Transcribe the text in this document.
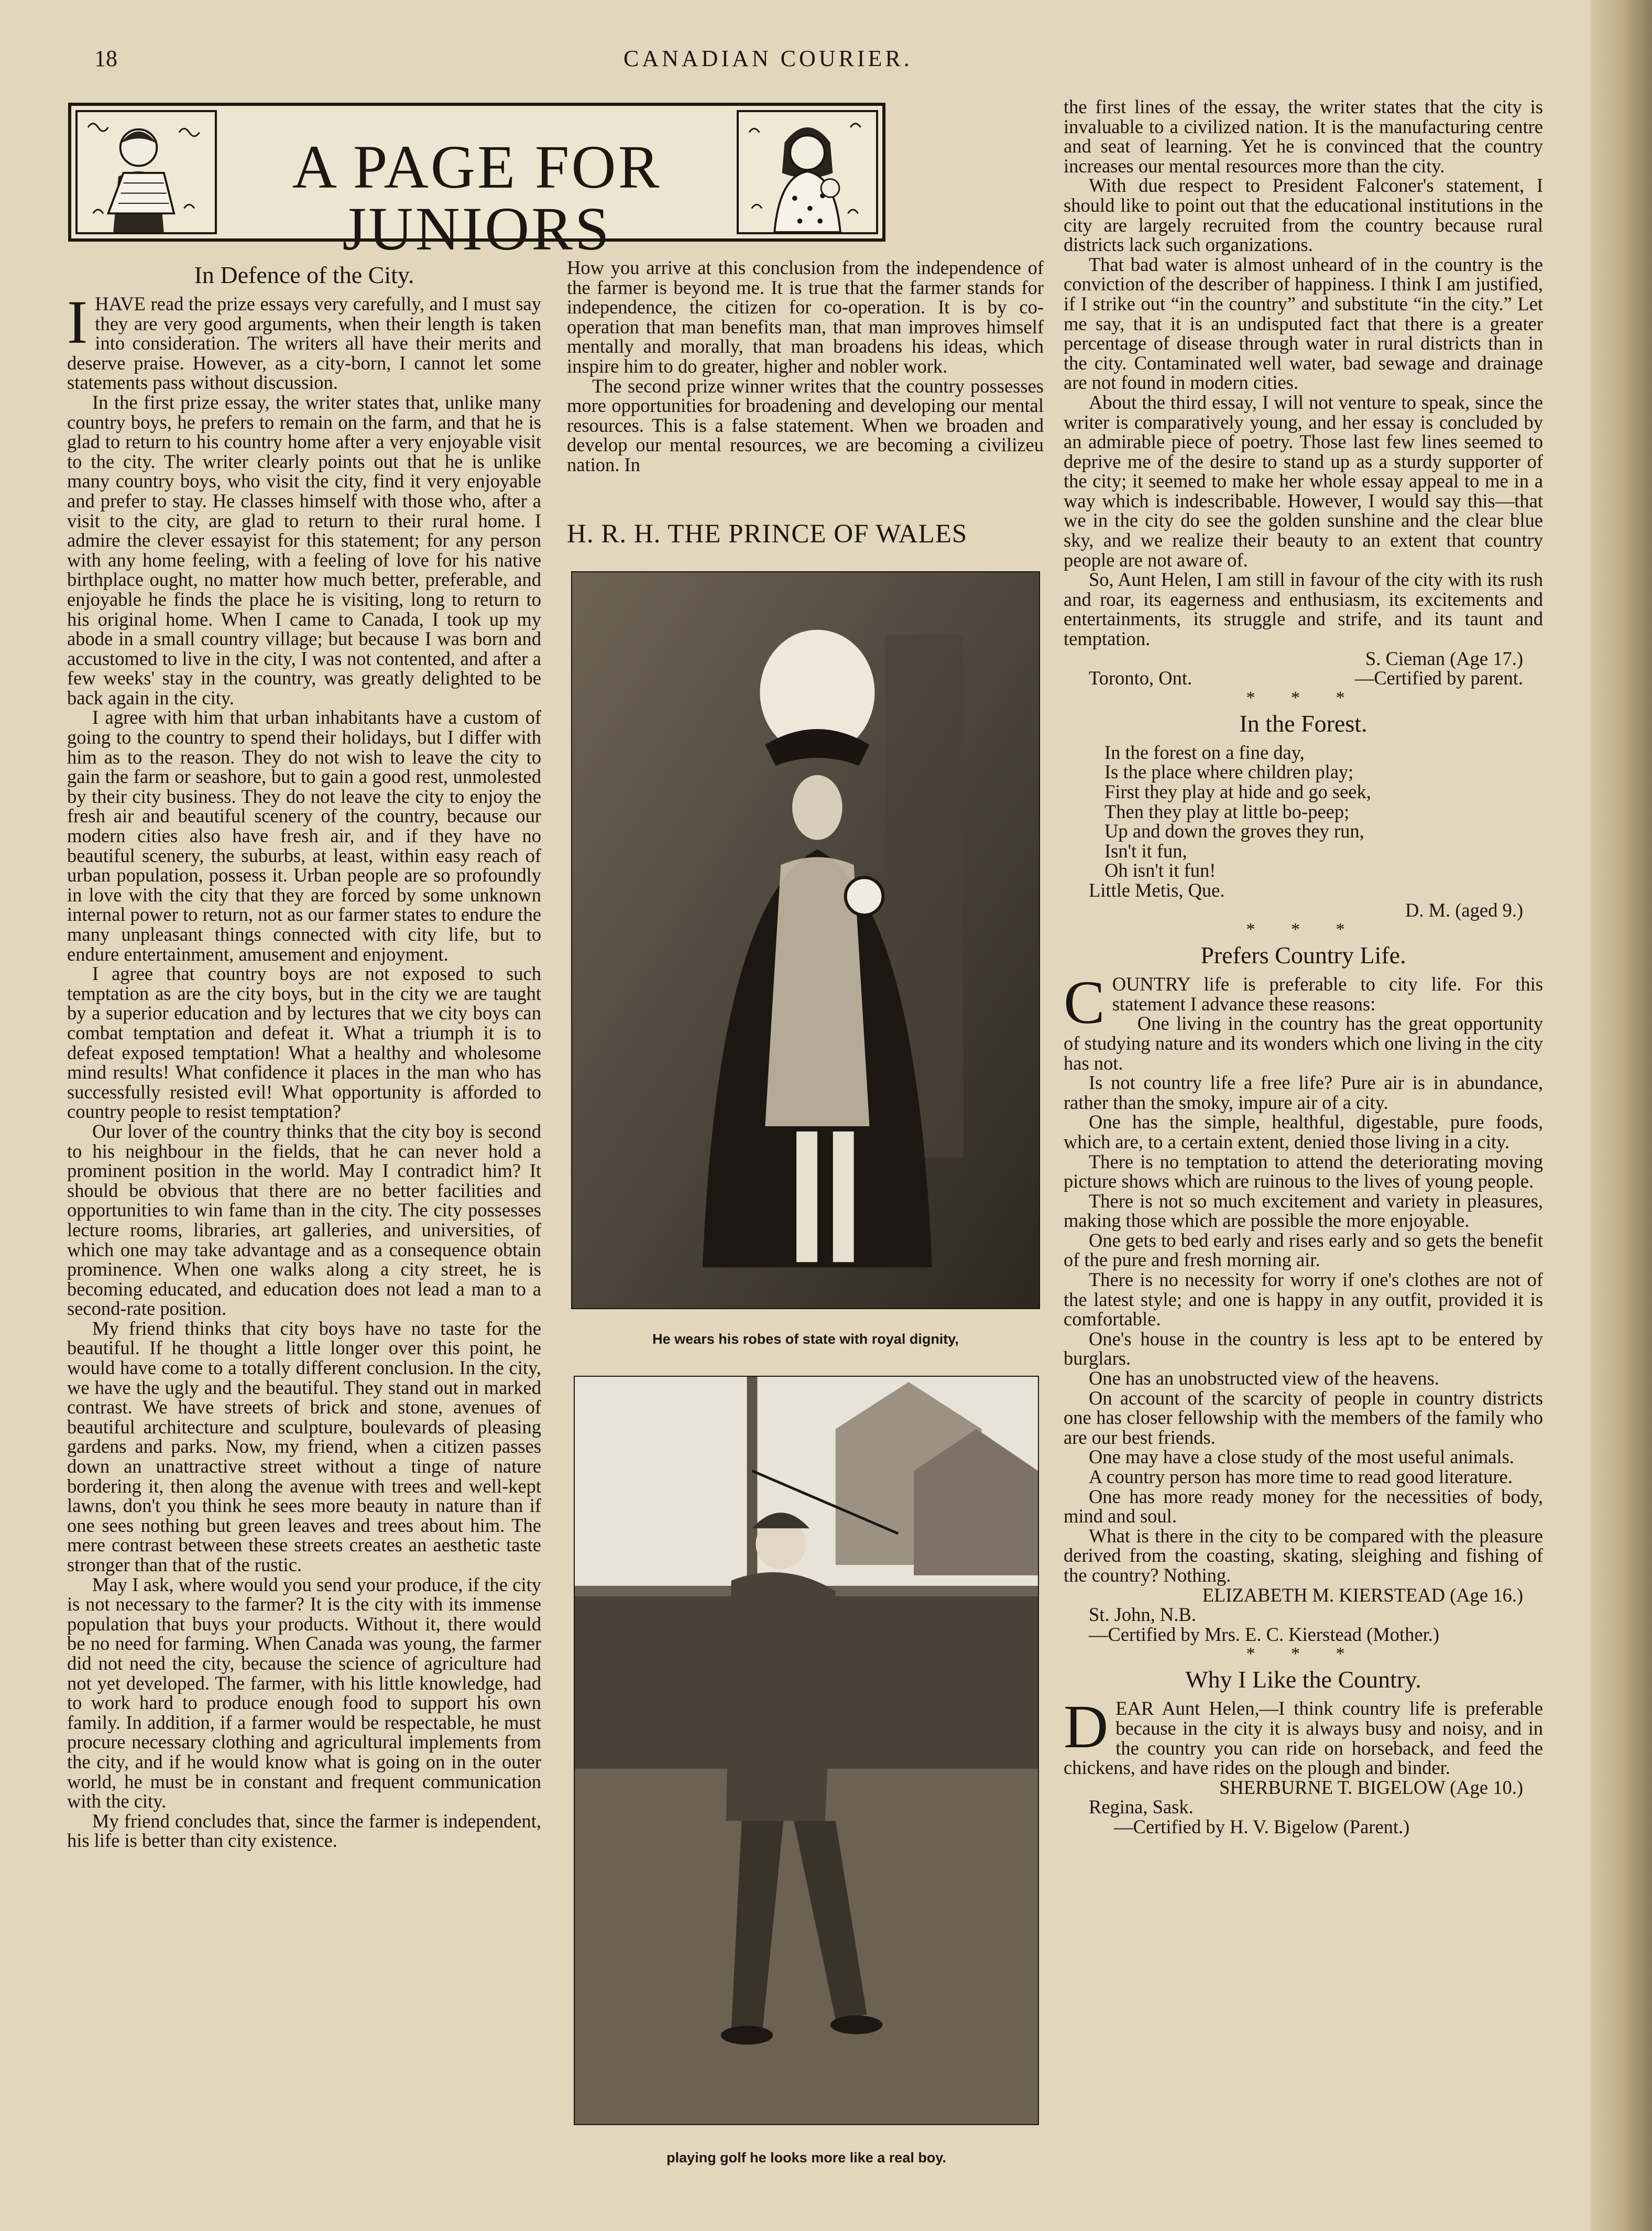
18	CANADIAN COURIER.
A PAGE FOR JUNIORS
In Defence of the City.

IHAVE read the prize essays very carefully, and I must say they are very good arguments, when their length is taken into consideration. The writers all have their merits and deserve praise. However, as a city-born, I cannot let some statements pass without discussion.

In the first prize essay, the writer states that, unlike many country boys, he prefers to remain on the farm, and that he is glad to return to his country home after a very enjoyable visit to the city. The writer clearly points out that he is unlike many country boys, who visit the city, find it very enjoyable and prefer to stay. He classes himself with those who, after a visit to the city, are glad to return to their rural home. I admire the clever essayist for this statement; for any person with any home feeling, with a feeling of love for his native birthplace ought, no matter how much better, preferable, and enjoyable he finds the place he is visiting, long to return to his original home. When I came to Canada, I took up my abode in a small country village; but because I was born and accustomed to live in the city, I was not contented, and after a few weeks' stay in the country, was greatly delighted to be back again in the city.

I agree with him that urban inhabitants have a custom of going to the country to spend their holidays, but I differ with him as to the reason. They do not wish to leave the city to gain the farm or seashore, but to gain a good rest, unmolested by their city business. They do not leave the city to enjoy the fresh air and beautiful scenery of the country, because our modern cities also have fresh air, and if they have no beautiful scenery, the suburbs, at least, within easy reach of urban population, possess it. Urban people are so profoundly in love with the city that they are forced by some unknown internal power to return, not as our farmer states to endure the many unpleasant things connected with city life, but to endure entertainment, amusement and enjoyment.

I agree that country boys are not exposed to such temptation as are the city boys, but in the city we are taught by a superior education and by lectures that we city boys can combat temptation and defeat it. What a triumph it is to defeat exposed temptation! What a healthy and wholesome mind results! What confidence it places in the man who has successfully resisted evil! What opportunity is afforded to country people to resist temptation?

Our lover of the country thinks that the city boy is second to his neighbour in the fields, that he can never hold a prominent position in the world. May I contradict him? It should be obvious that there are no better facilities and opportunities to win fame than in the city. The city possesses lecture rooms, libraries, art galleries, and universities, of which one may take advantage and as a consequence obtain prominence. When one walks along a city street, he is becoming educated, and education does not lead a man to a second-rate position.

My friend thinks that city boys have no taste for the beautiful. If he thought a little longer over this point, he would have come to a totally different conclusion. In the city, we have the ugly and the beautiful. They stand out in marked contrast. We have streets of brick and stone, avenues of beautiful architecture and sculpture, boulevards of pleasing gardens and parks. Now, my friend, when a citizen passes down an unattractive street without a tinge of nature bordering it, then along the avenue with trees and well-kept lawns, don't you think he sees more beauty in nature than if one sees nothing but green leaves and trees about him. The mere contrast between these streets creates an aesthetic taste stronger than that of the rustic.

May I ask, where would you send your produce, if the city is not necessary to the farmer? It is the city with its immense population that buys your products. Without it, there would be no need for farming. When Canada was young, the farmer did not need the city, because the science of agriculture had not yet developed. The farmer, with his little knowledge, had to work hard to produce enough food to support his own family. In addition, if a farmer would be respectable, he must procure necessary clothing and agricultural implements from the city, and if he would know what is going on in the outer world, he must be in constant and frequent communication with the city.

My friend concludes that, since the farmer is independent, his life is better than city existence.

How you arrive at this conclusion from the independence of the farmer is beyond me. It is true that the farmer stands for independence, the citizen for co-operation. It is by co-operation that man benefits man, that man improves himself mentally and morally, that man broadens his ideas, which inspire him to do greater, higher and nobler work.

The second prize winner writes that the country possesses more opportunities for broadening and developing our mental resources. This is a false statement. When we broaden and develop our mental resources, we are becoming a civilizeu nation. In

H. R. H. THE PRINCE OF WALES
He wears his robes of state with royal dignity,
playing golf he looks more like a real boy.

the first lines of the essay, the writer states that the city is invaluable to a civilized nation. It is the manufacturing centre and seat of learning. Yet he is convinced that the country increases our mental resources more than the city.

With due respect to President Falconer's statement, I should like to point out that the educational institutions in the city are largely recruited from the country because rural districts lack such organizations.

That bad water is almost unheard of in the country is the conviction of the describer of happiness. I think I am justified, if I strike out “in the country” and substitute “in the city.” Let me say, that it is an undisputed fact that there is a greater percentage of disease through water in rural districts than in the city. Contaminated well water, bad sewage and drainage are not found in modern cities.

About the third essay, I will not venture to speak, since the writer is comparatively young, and her essay is concluded by an admirable piece of poetry. Those last few lines seemed to deprive me of the desire to stand up as a sturdy supporter of the city; it seemed to make her whole essay appeal to me in a way which is indescribable. However, I would say this—that we in the city do see the golden sunshine and the clear blue sky, and we realize their beauty to an extent that country people are not aware of.

So, Aunt Helen, I am still in favour of the city with its rush and roar, its eagerness and enthusiasm, its excitements and entertainments, its struggle and strife, and its taunt and temptation.

S. Cieman (Age 17.)

Toronto, Ont.	—Certified by parent.
* * *
In the Forest.

In the forest on a fine day,

Is the place where children play;

First they play at hide and go seek,

Then they play at little bo-peep;

Up and down the groves they run,

Isn't it fun,

Oh isn't it fun!

Little Metis, Que.

D. M. (aged 9.)

* * *
Prefers Country Life.

COUNTRY life is preferable to city life. For this statement I advance these reasons:

One living in the country has the great opportunity of studying nature and its wonders which one living in the city has not.

Is not country life a free life? Pure air is in abundance, rather than the smoky, impure air of a city.

One has the simple, healthful, digestable, pure foods, which are, to a certain extent, denied those living in a city.

There is no temptation to attend the deteriorating moving picture shows which are ruinous to the lives of young people.

There is not so much excitement and variety in pleasures, making those which are possible the more enjoyable.

One gets to bed early and rises early and so gets the benefit of the pure and fresh morning air.

There is no necessity for worry if one's clothes are not of the latest style; and one is happy in any outfit, provided it is comfortable.

One's house in the country is less apt to be entered by burglars.

One has an unobstructed view of the heavens.

On account of the scarcity of people in country districts one has closer fellowship with the members of the family who are our best friends.

One may have a close study of the most useful animals.

A country person has more time to read good literature.

One has more ready money for the necessities of body, mind and soul.

What is there in the city to be compared with the pleasure derived from the coasting, skating, sleighing and fishing of the country? Nothing.

ELIZABETH M. KIERSTEAD (Age 16.)

St. John, N.B.

—Certified by Mrs. E. C. Kierstead (Mother.)

* * *
Why I Like the Country.

DEAR Aunt Helen,—I think country life is preferable because in the city it is always busy and noisy, and in the country you can ride on horseback, and feed the chickens, and have rides on the plough and binder.

SHERBURNE T. BIGELOW (Age 10.)

Regina, Sask.

—Certified by H. V. Bigelow (Parent.)
